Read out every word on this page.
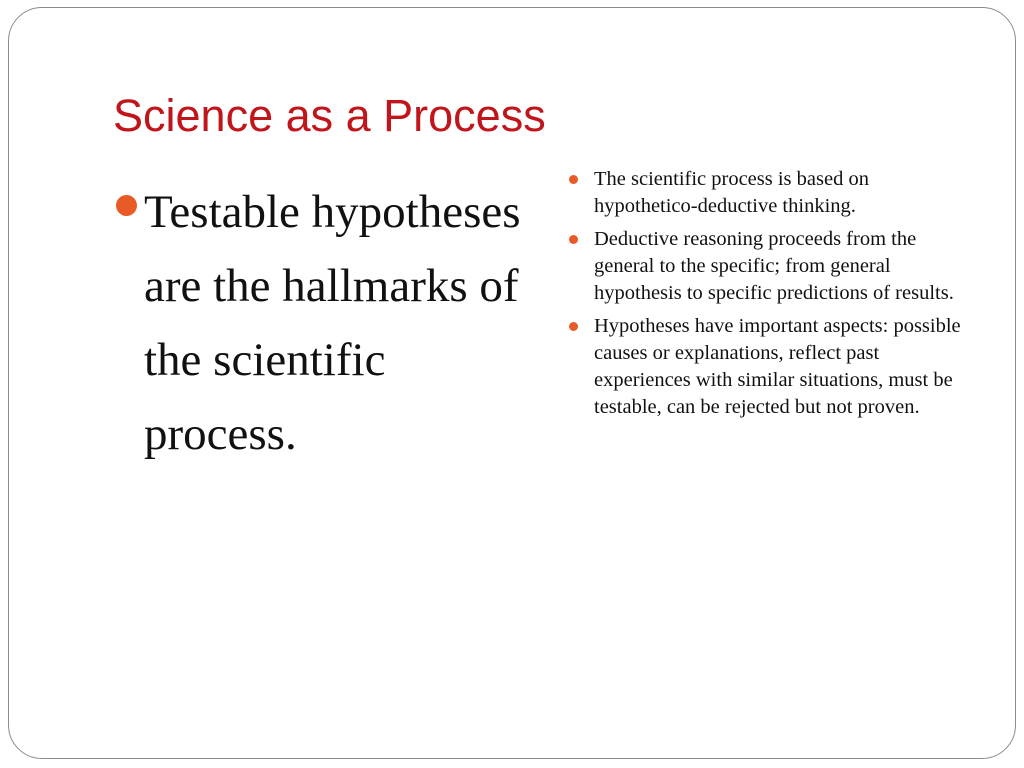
Science as a Process
Testable hypotheses are the hallmarks of the scientific process.
The scientific process is based on hypothetico-deductive thinking.
Deductive reasoning proceeds from the general to the specific; from general hypothesis to specific predictions of results.
Hypotheses have important aspects: possible causes or explanations, reflect past experiences with similar situations, must be testable, can be rejected but not proven.
